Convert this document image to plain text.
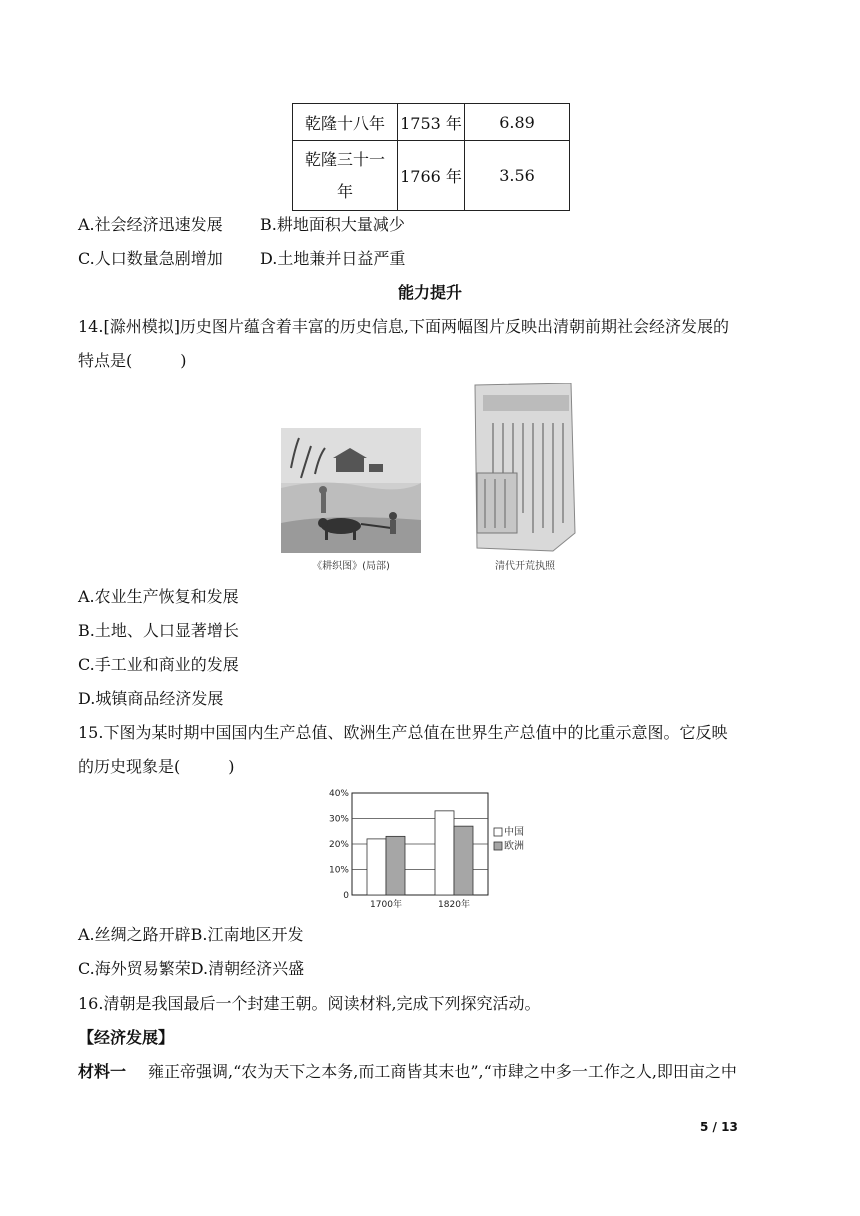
乾隆十八年	1753 年	6.89

乾隆三十一
年	1766 年	3.56
A.社会经济迅速发展 B.耕地面积大量减少
C.人口数量急剧增加 D.土地兼并日益严重
能力提升
14.[滁州模拟]历史图片蕴含着丰富的历史信息,下面两幅图片反映出清朝前期社会经济发展的
特点是(　　　)
《耕织图》(局部)	清代开荒执照
A.农业生产恢复和发展
B.土地、人口显著增长
C.手工业和商业的发展
D.城镇商品经济发展
15.下图为某时期中国国内生产总值、欧洲生产总值在世界生产总值中的比重示意图。它反映
的历史现象是(　　　)
0
10%
20%
30%
40%
1700年	1820年
中国
欧洲
A.丝绸之路开辟B.江南地区开发
C.海外贸易繁荣D.清朝经济兴盛
16.清朝是我国最后一个封建王朝。阅读材料,完成下列探究活动。
【经济发展】
材料一 雍正帝强调,“农为天下之本务,而工商皆其末也”,“市肆之中多一工作之人,即田亩之中
5 / 13
